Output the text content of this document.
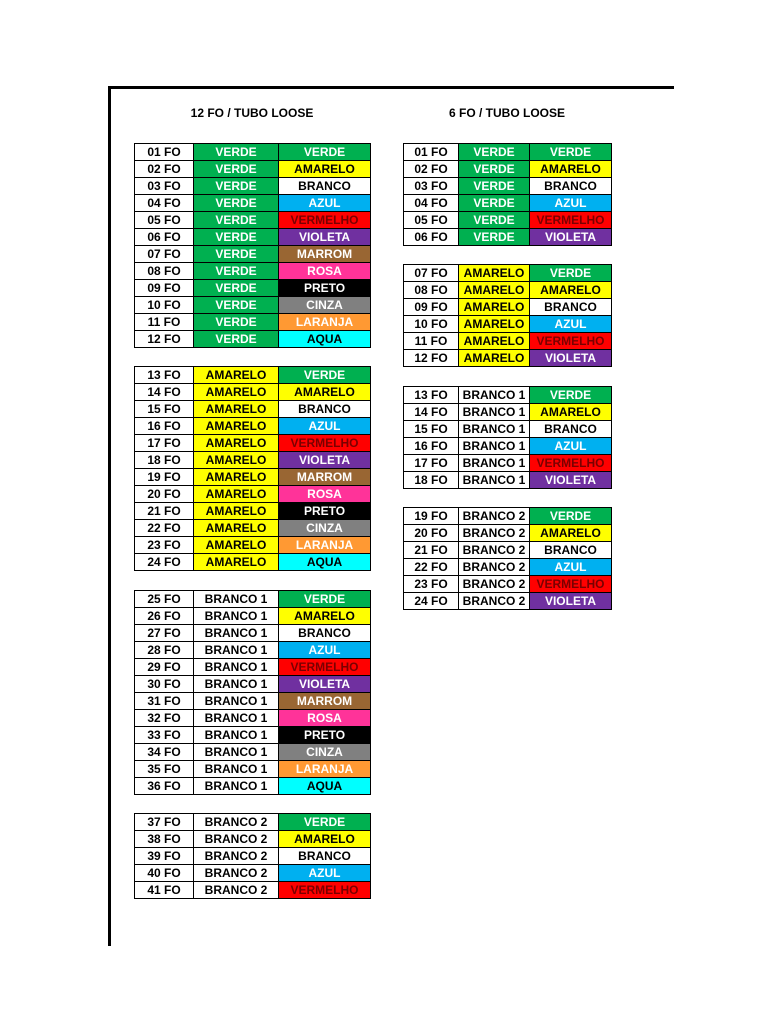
12 FO / TUBO LOOSE	6 FO / TUBO LOOSE
01 FO	VERDE	VERDE
02 FO	VERDE	AMARELO
03 FO	VERDE	BRANCO
04 FO	VERDE	AZUL
05 FO	VERDE	VERMELHO
06 FO	VERDE	VIOLETA
07 FO	VERDE	MARROM
08 FO	VERDE	ROSA
09 FO	VERDE	PRETO
10 FO	VERDE	CINZA
11 FO	VERDE	LARANJA
12 FO	VERDE	AQUA
13 FO	AMARELO	VERDE
14 FO	AMARELO	AMARELO
15 FO	AMARELO	BRANCO
16 FO	AMARELO	AZUL
17 FO	AMARELO	VERMELHO
18 FO	AMARELO	VIOLETA
19 FO	AMARELO	MARROM
20 FO	AMARELO	ROSA
21 FO	AMARELO	PRETO
22 FO	AMARELO	CINZA
23 FO	AMARELO	LARANJA
24 FO	AMARELO	AQUA
25 FO	BRANCO 1	VERDE
26 FO	BRANCO 1	AMARELO
27 FO	BRANCO 1	BRANCO
28 FO	BRANCO 1	AZUL
29 FO	BRANCO 1	VERMELHO
30 FO	BRANCO 1	VIOLETA
31 FO	BRANCO 1	MARROM
32 FO	BRANCO 1	ROSA
33 FO	BRANCO 1	PRETO
34 FO	BRANCO 1	CINZA
35 FO	BRANCO 1	LARANJA
36 FO	BRANCO 1	AQUA
37 FO	BRANCO 2	VERDE
38 FO	BRANCO 2	AMARELO
39 FO	BRANCO 2	BRANCO
40 FO	BRANCO 2	AZUL
41 FO	BRANCO 2	VERMELHO
01 FO	VERDE	VERDE
02 FO	VERDE	AMARELO
03 FO	VERDE	BRANCO
04 FO	VERDE	AZUL
05 FO	VERDE	VERMELHO
06 FO	VERDE	VIOLETA
07 FO	AMARELO	VERDE
08 FO	AMARELO	AMARELO
09 FO	AMARELO	BRANCO
10 FO	AMARELO	AZUL
11 FO	AMARELO	VERMELHO
12 FO	AMARELO	VIOLETA
13 FO	BRANCO 1	VERDE
14 FO	BRANCO 1	AMARELO
15 FO	BRANCO 1	BRANCO
16 FO	BRANCO 1	AZUL
17 FO	BRANCO 1	VERMELHO
18 FO	BRANCO 1	VIOLETA
19 FO	BRANCO 2	VERDE
20 FO	BRANCO 2	AMARELO
21 FO	BRANCO 2	BRANCO
22 FO	BRANCO 2	AZUL
23 FO	BRANCO 2	VERMELHO
24 FO	BRANCO 2	VIOLETA
